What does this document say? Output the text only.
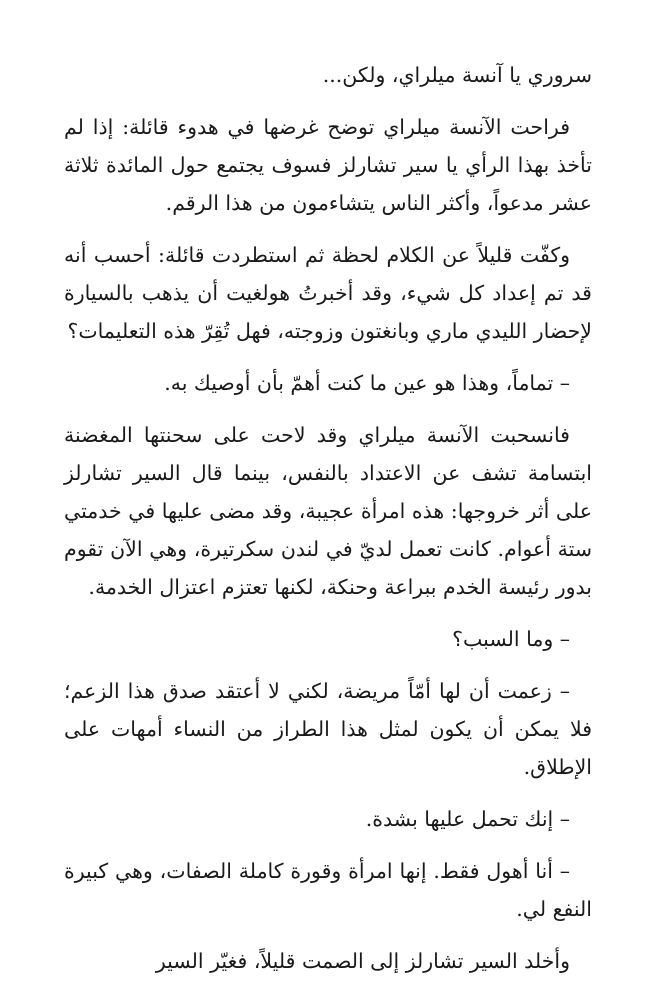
سروري يا آنسة ميلراي، ولكن...

فراحت الآنسة ميلراي توضح غرضها في هدوء قائلة: إذا لم تأخذ بهذا الرأي يا سير تشارلز فسوف يجتمع حول المائدة ثلاثة عشر مدعواً، وأكثر الناس يتشاءمون من هذا الرقم.

وكفّت قليلاً عن الكلام لحظة ثم استطردت قائلة: أحسب أنه قد تم إعداد كل شيء، وقد أخبرتُ هولغيت أن يذهب بالسيارة لإحضار الليدي ماري وبانغتون وزوجته، فهل تُقِرّ هذه التعليمات؟

– تماماً، وهذا هو عين ما كنت أهمّ بأن أوصيك به.

فانسحبت الآنسة ميلراي وقد لاحت على سحنتها المغضنة ابتسامة تشف عن الاعتداد بالنفس، بينما قال السير تشارلز على أثر خروجها: هذه امرأة عجيبة، وقد مضى عليها في خدمتي ستة أعوام. كانت تعمل لديّ في لندن سكرتيرة، وهي الآن تقوم بدور رئيسة الخدم ببراعة وحنكة، لكنها تعتزم اعتزال الخدمة.

– وما السبب؟

– زعمت أن لها أمّاً مريضة، لكني لا أعتقد صدق هذا الزعم؛ فلا يمكن أن يكون لمثل هذا الطراز من النساء أمهات على الإطلاق.

– إنك تحمل عليها بشدة.

– أنا أهول فقط. إنها امرأة وقورة كاملة الصفات، وهي كبيرة النفع لي.

وأخلد السير تشارلز إلى الصمت قليلاً، فغيّر السير
